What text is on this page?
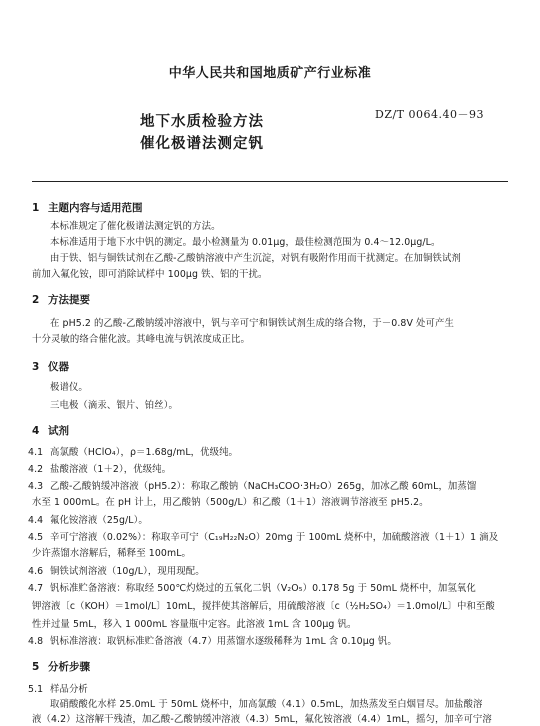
中华人民共和国地质矿产行业标准
地下水质检验方法
催化极谱法测定钒
DZ/T 0064.40－93
1 主题内容与适用范围
本标准规定了催化极谱法测定钒的方法。
本标准适用于地下水中钒的测定。最小检测量为 0.01μg，最佳检测范围为 0.4～12.0μg/L。
由于铁、铝与铜铁试剂在乙酸-乙酸钠溶液中产生沉淀，对钒有吸附作用而干扰测定。在加铜铁试剂
前加入氟化铵，即可消除试样中 100μg 铁、铝的干扰。
2 方法提要
在 pH5.2 的乙酸-乙酸钠缓冲溶液中，钒与辛可宁和铜铁试剂生成的络合物，于－0.8V 处可产生
十分灵敏的络合催化波。其峰电流与钒浓度成正比。
3 仪器
极谱仪。
三电极（滴汞、银片、铂丝）。
4 试剂
4.1 高氯酸（HClO₄），ρ＝1.68g/mL，优级纯。
4.2 盐酸溶液（1＋2），优级纯。
4.3 乙酸-乙酸钠缓冲溶液（pH5.2）：称取乙酸钠（NaCH₃COO·3H₂O）265g，加冰乙酸 60mL，加蒸馏
水至 1 000mL。在 pH 计上，用乙酸钠（500g/L）和乙酸（1＋1）溶液调节溶液至 pH5.2。
4.4 氟化铵溶液（25g/L）。
4.5 辛可宁溶液（0.02%）：称取辛可宁（C₁₉H₂₂N₂O）20mg 于 100mL 烧杯中，加硫酸溶液（1＋1）1 滴及
少许蒸馏水溶解后，稀释至 100mL。
4.6 铜铁试剂溶液（10g/L），现用现配。
4.7 钒标准贮备溶液：称取经 500℃灼烧过的五氧化二钒（V₂O₅）0.178 5g 于 50mL 烧杯中，加氢氧化
钾溶液〔c（KOH）＝1mol/L〕10mL，搅拌使其溶解后，用硫酸溶液〔c（½H₂SO₄）＝1.0mol/L〕中和至酸
性并过量 5mL，移入 1 000mL 容量瓶中定容。此溶液 1mL 含 100μg 钒。
4.8 钒标准溶液：取钒标准贮备溶液（4.7）用蒸馏水逐级稀释为 1mL 含 0.10μg 钒。
5 分析步骤
5.1 样品分析
取硝酸酸化水样 25.0mL 于 50mL 烧杯中，加高氯酸（4.1）0.5mL，加热蒸发至白烟冒尽。加盐酸溶
液（4.2）这溶解干残渣，加乙酸-乙酸钠缓冲溶液（4.3）5mL，氟化铵溶液（4.4）1mL，摇匀，加辛可宁溶
